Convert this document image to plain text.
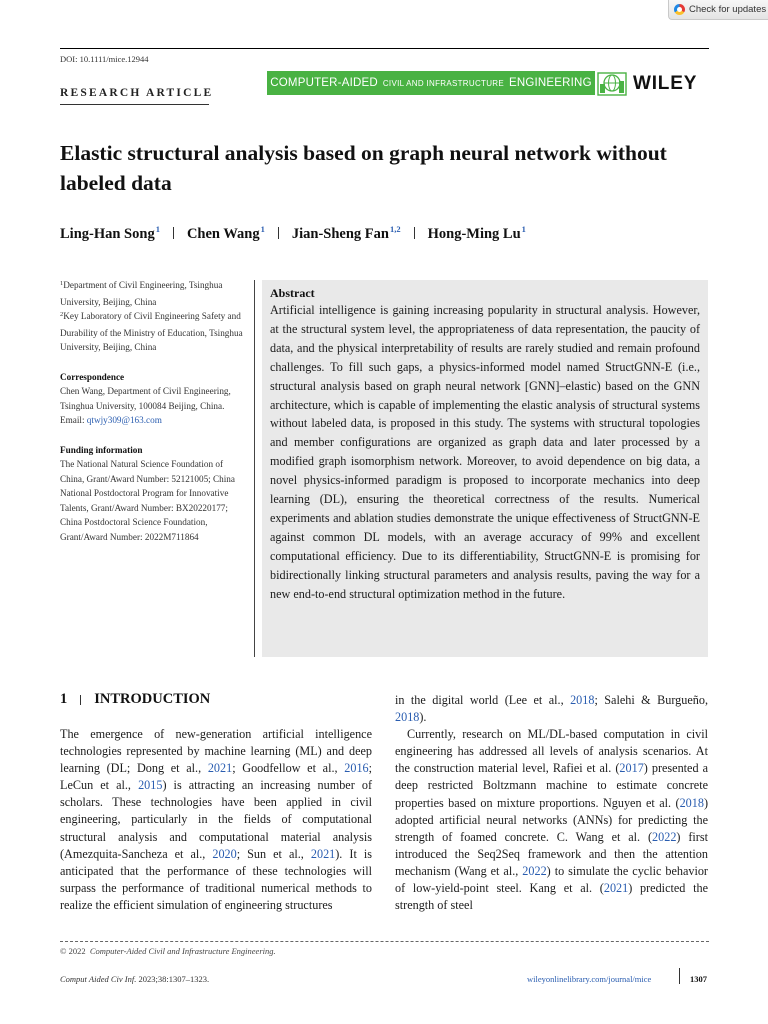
Check for updates
DOI: 10.1111/mice.12944
RESEARCH ARTICLE
COMPUTER-AIDED CIVIL AND INFRASTRUCTURE ENGINEERING WILEY
Elastic structural analysis based on graph neural network without labeled data
Ling-Han Song 1 Chen Wang 1 Jian-Sheng Fan 1,2 Hong-Ming Lu 1

$^1$Department of Civil Engineering, Tsinghua University, Beijing, China

$^2$Key Laboratory of Civil Engineering Safety and Durability of the Ministry of Education, Tsinghua University, Beijing, China

Correspondence

Chen Wang, Department of Civil Engineering, Tsinghua University, 100084 Beijing, China.
Email: qtwjy309@163.com

Funding information

The National Natural Science Foundation of China, Grant/Award Number: 52121005; China National Postdoctoral Program for Innovative Talents, Grant/Award Number: BX20220177; China Postdoctoral Science Foundation, Grant/Award Number: 2022M711864

Abstract

Artificial intelligence is gaining increasing popularity in structural analysis. However, at the structural system level, the appropriateness of data representation, the paucity of data, and the physical interpretability of results are rarely studied and remain profound challenges. To fill such gaps, a physics-informed model named StructGNN-E (i.e., structural analysis based on graph neural network [GNN]–elastic) based on the GNN architecture, which is capable of implementing the elastic analysis of structural systems without labeled data, is proposed in this study. The systems with structural topologies and member configurations are organized as graph data and later processed by a modified graph isomorphism network. Moreover, to avoid dependence on big data, a novel physics-informed paradigm is proposed to incorporate mechanics into deep learning (DL), ensuring the theoretical correctness of the results. Numerical experiments and ablation studies demonstrate the unique effectiveness of StructGNN-E against common DL models, with an average accuracy of 99% and excellent computational efficiency. Due to its differentiability, StructGNN-E is promising for bidirectionally linking structural parameters and analysis results, paving the way for a new end-to-end structural optimization method in the future.

1 INTRODUCTION

The emergence of new-generation artificial intelligence technologies represented by machine learning (ML) and deep learning (DL; Dong et al., 2021; Goodfellow et al., 2016; LeCun et al., 2015) is attracting an increasing number of scholars. These technologies have been applied in civil engineering, particularly in the fields of computational structural analysis and computational material analysis (Amezquita-Sancheza et al., 2020; Sun et al., 2021). It is anticipated that the performance of these technologies will surpass the performance of traditional numerical methods to realize the efficient simulation of engineering structures

in the digital world (Lee et al., 2018; Salehi & Burgueño, 2018).

Currently, research on ML/DL-based computation in civil engineering has addressed all levels of analysis scenarios. At the construction material level, Rafiei et al. (2017) presented a deep restricted Boltzmann machine to estimate concrete properties based on mixture proportions. Nguyen et al. (2018) adopted artificial neural networks (ANNs) for predicting the strength of foamed concrete. C. Wang et al. (2022) first introduced the Seq2Seq framework and then the attention mechanism (Wang et al., 2022) to simulate the cyclic behavior of low-yield-point steel. Kang et al. (2021) predicted the strength of steel

© 2022 Computer-Aided Civil and Infrastructure Engineering.
Comput Aided Civ Inf. 2023;38:1307–1323.	wileyonlinelibrary.com/journal/mice	1307
